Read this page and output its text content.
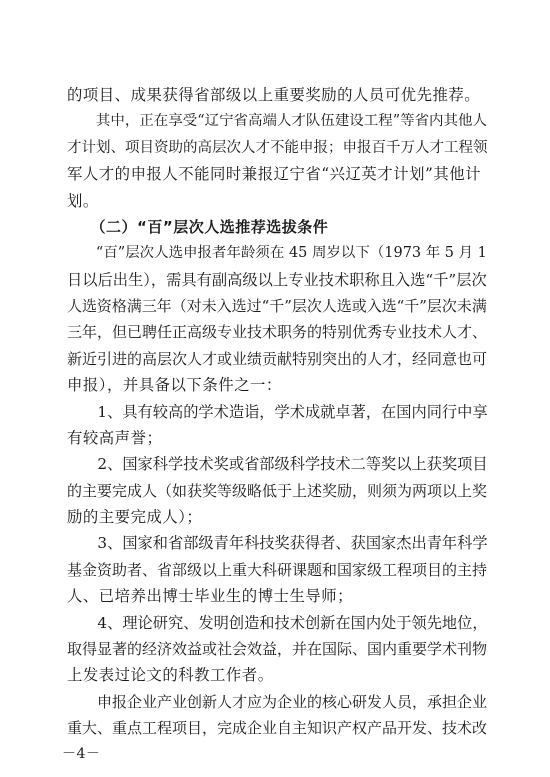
－4－
的项目、成果获得省部级以上重要奖励的人员可优先推荐。
　　其中，正在享受“辽宁省高端人才队伍建设工程”等省内其他人
才计划、项目资助的高层次人才不能申报；申报百千万人才工程领
军人才的申报人不能同时兼报辽宁省“兴辽英才计划”其他计
划。
　　（二）“百”层次人选推荐选拔条件
　　“百”层次人选申报者年龄须在 45 周岁以下（1973 年 5 月 1
日以后出生），需具有副高级以上专业技术职称且入选“千”层次
人选资格满三年（对未入选过“千”层次人选或入选“千”层次未满
三年，但已聘任正高级专业技术职务的特别优秀专业技术人才、
新近引进的高层次人才或业绩贡献特别突出的人才，经同意也可
申报），并具备以下条件之一：
　　1、具有较高的学术造诣，学术成就卓著，在国内同行中享
有较高声誉；
　　2、国家科学技术奖或省部级科学技术二等奖以上获奖项目
的主要完成人（如获奖等级略低于上述奖励，则须为两项以上奖
励的主要完成人）；
　　3、国家和省部级青年科技奖获得者、获国家杰出青年科学
基金资助者、省部级以上重大科研课题和国家级工程项目的主持
人、已培养出博士毕业生的博士生导师；
　　4、理论研究、发明创造和技术创新在国内处于领先地位，
取得显著的经济效益或社会效益，并在国际、国内重要学术刊物
上发表过论文的科教工作者。
　　申报企业产业创新人才应为企业的核心研发人员，承担企业
重大、重点工程项目，完成企业自主知识产权产品开发、技术改
